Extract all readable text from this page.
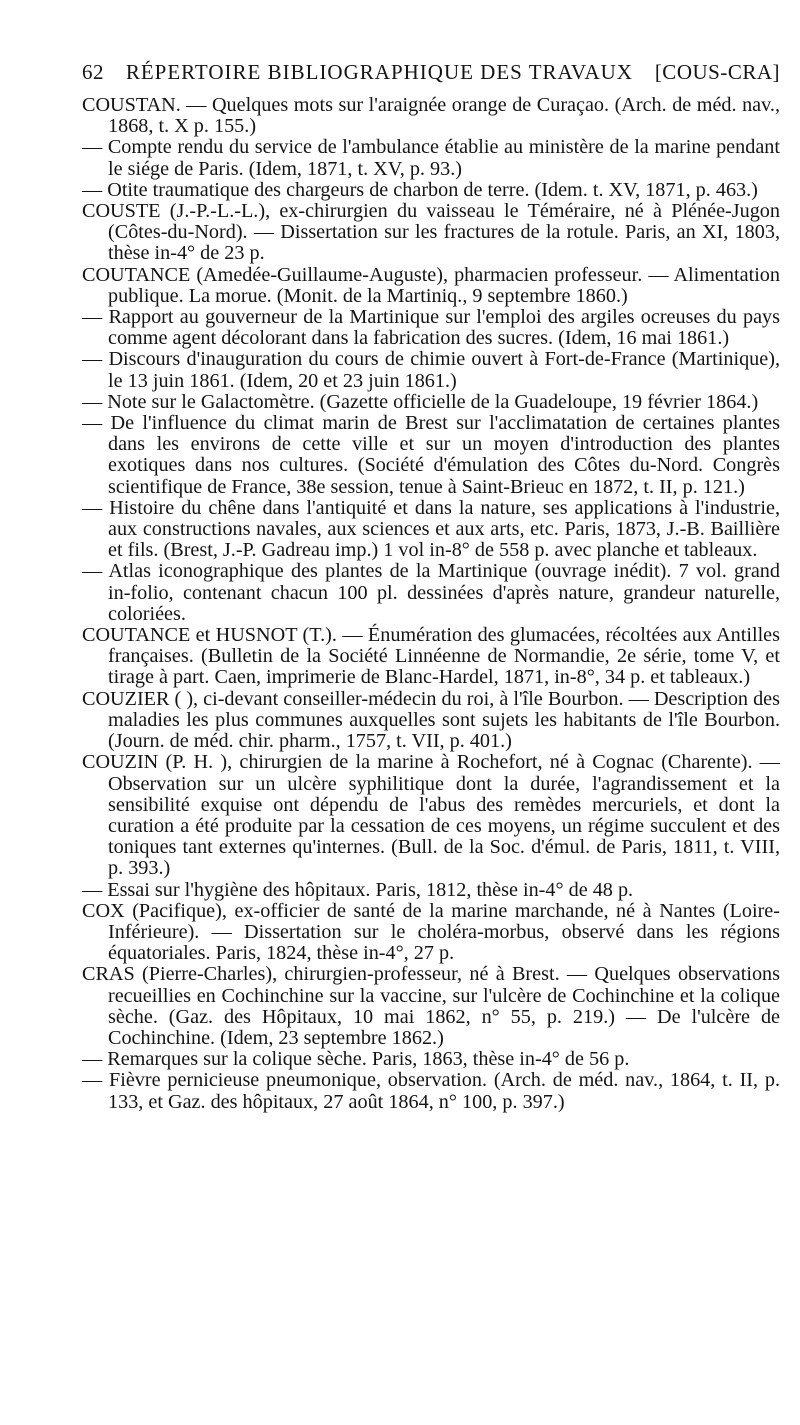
62	RÉPERTOIRE BIBLIOGRAPHIQUE DES TRAVAUX	[COUS-CRA]

COUSTAN. — Quelques mots sur l'araignée orange de Curaçao. (Arch. de méd. nav., 1868, t. X p. 155.)

— Compte rendu du service de l'ambulance établie au ministère de la marine pendant le siége de Paris. (Idem, 1871, t. XV, p. 93.)

— Otite traumatique des chargeurs de charbon de terre. (Idem. t. XV, 1871, p. 463.)

COUSTE (J.-P.-L.-L.), ex-chirurgien du vaisseau le Téméraire, né à Plénée-Jugon (Côtes-du-Nord). — Dissertation sur les fractures de la rotule. Paris, an XI, 1803, thèse in-4° de 23 p.

COUTANCE (Amedée-Guillaume-Auguste), pharmacien professeur. — Alimentation publique. La morue. (Monit. de la Martiniq., 9 septembre 1860.)

— Rapport au gouverneur de la Martinique sur l'emploi des argiles ocreuses du pays comme agent décolorant dans la fabrication des sucres. (Idem, 16 mai 1861.)

— Discours d'inauguration du cours de chimie ouvert à Fort-de-France (Martinique), le 13 juin 1861. (Idem, 20 et 23 juin 1861.)

— Note sur le Galactomètre. (Gazette officielle de la Guadeloupe, 19 février 1864.)

— De l'influence du climat marin de Brest sur l'acclimatation de certaines plantes dans les environs de cette ville et sur un moyen d'introduction des plantes exotiques dans nos cultures. (Société d'émulation des Côtes du-Nord. Congrès scientifique de France, 38e session, tenue à Saint-Brieuc en 1872, t. II, p. 121.)

— Histoire du chêne dans l'antiquité et dans la nature, ses applications à l'industrie, aux constructions navales, aux sciences et aux arts, etc. Paris, 1873, J.-B. Baillière et fils. (Brest, J.-P. Gadreau imp.) 1 vol in-8° de 558 p. avec planche et tableaux.

— Atlas iconographique des plantes de la Martinique (ouvrage inédit). 7 vol. grand in-folio, contenant chacun 100 pl. dessinées d'après nature, grandeur naturelle, coloriées.

COUTANCE et HUSNOT (T.). — Énumération des glumacées, récoltées aux Antilles françaises. (Bulletin de la Société Linnéenne de Normandie, 2e série, tome V, et tirage à part. Caen, imprimerie de Blanc-Hardel, 1871, in-8°, 34 p. et tableaux.)

COUZIER ( ), ci-devant conseiller-médecin du roi, à l'île Bourbon. — Description des maladies les plus communes auxquelles sont sujets les habitants de l'île Bourbon. (Journ. de méd. chir. pharm., 1757, t. VII, p. 401.)

COUZIN (P. H. ), chirurgien de la marine à Rochefort, né à Cognac (Charente). — Observation sur un ulcère syphilitique dont la durée, l'agrandissement et la sensibilité exquise ont dépendu de l'abus des remèdes mercuriels, et dont la curation a été produite par la cessation de ces moyens, un régime succulent et des toniques tant externes qu'internes. (Bull. de la Soc. d'émul. de Paris, 1811, t. VIII, p. 393.)

— Essai sur l'hygiène des hôpitaux. Paris, 1812, thèse in-4° de 48 p.

COX (Pacifique), ex-officier de santé de la marine marchande, né à Nantes (Loire-Inférieure). — Dissertation sur le choléra-morbus, observé dans les régions équatoriales. Paris, 1824, thèse in-4°, 27 p.

CRAS (Pierre-Charles), chirurgien-professeur, né à Brest. — Quelques observations recueillies en Cochinchine sur la vaccine, sur l'ulcère de Cochinchine et la colique sèche. (Gaz. des Hôpitaux, 10 mai 1862, n° 55, p. 219.) — De l'ulcère de Cochinchine. (Idem, 23 septembre 1862.)

— Remarques sur la colique sèche. Paris, 1863, thèse in-4° de 56 p.

— Fièvre pernicieuse pneumonique, observation. (Arch. de méd. nav., 1864, t. II, p. 133, et Gaz. des hôpitaux, 27 août 1864, n° 100, p. 397.)
